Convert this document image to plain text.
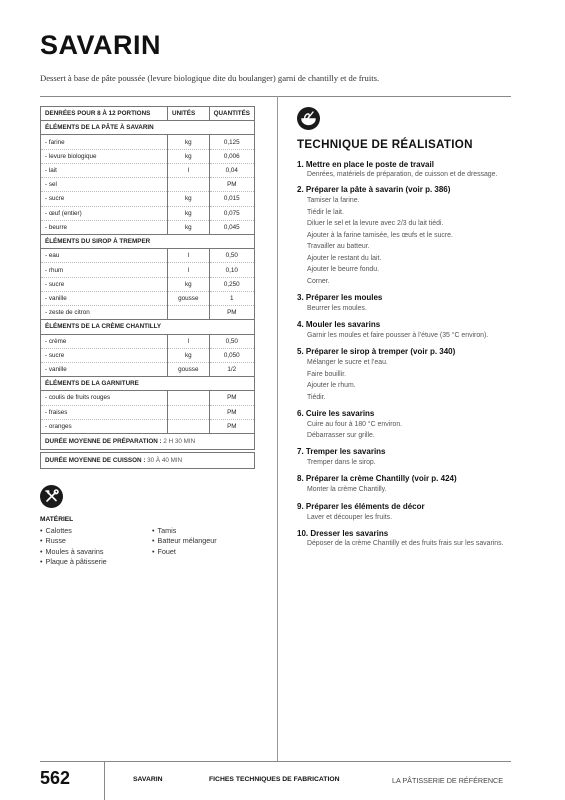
SAVARIN
Dessert à base de pâte poussée (levure biologique dite du boulanger) garni de chantilly et de fruits.
DENRÉES POUR 8 À 12 PORTIONS	UNITÉS	QUANTITÉS
ÉLÉMENTS DE LA PÂTE À SAVARIN		
- farine	kg	0,125
- levure biologique	kg	0,006
- lait	l	0,04
- sel		PM
- sucre	kg	0,015
- œuf (entier)	kg	0,075
- beurre	kg	0,045
ÉLÉMENTS DU SIROP À TREMPER		
- eau	l	0,50
- rhum	l	0,10
- sucre	kg	0,250
- vanille	gousse	1
- zeste de citron		PM
ÉLÉMENTS DE LA CRÈME CHANTILLY		
- crème	l	0,50
- sucre	kg	0,050
- vanille	gousse	1/2
ÉLÉMENTS DE LA GARNITURE		
- coulis de fruits rouges		PM
- fraises		PM
- oranges		PM
DURÉE MOYENNE DE PRÉPARATION : 2 H 30 MIN		

DURÉE MOYENNE DE CUISSON : 30 À 40 MIN		
MATÉRIEL
• Calottes
• Russe
• Moules à savarins
• Plaque à pâtisserie
• Tamis
• Batteur mélangeur
• Fouet
TECHNIQUE DE RÉALISATION
1. Mettre en place le poste de travail
Denrées, matériels de préparation, de cuisson et de dressage.
2. Préparer la pâte à savarin (voir p. 386)
Tamiser la farine.
Tiédir le lait.
Diluer le sel et la levure avec 2/3 du lait tiédi.
Ajouter à la farine tamisée, les œufs et le sucre.
Travailler au batteur.
Ajouter le restant du lait.
Ajouter le beurre fondu.
Corner.
3. Préparer les moules
Beurrer les moules.
4. Mouler les savarins
Garnir les moules et faire pousser à l’étuve (35 °C environ).
5. Préparer le sirop à tremper (voir p. 340)
Mélanger le sucre et l’eau.
Faire bouillir.
Ajouter le rhum.
Tiédir.
6. Cuire les savarins
Cuire au four à 180 °C environ.
Débarrasser sur grille.
7. Tremper les savarins
Tremper dans le sirop.
8. Préparer la crème Chantilly (voir p. 424)
Monter la crème Chantilly.
9. Préparer les éléments de décor
Laver et découper les fruits.
10. Dresser les savarins
Déposer de la crème Chantilly et des fruits frais sur les savarins.
562	SAVARIN	FICHES TECHNIQUES DE FABRICATION	LA PÂTISSERIE DE RÉFÉRENCE
